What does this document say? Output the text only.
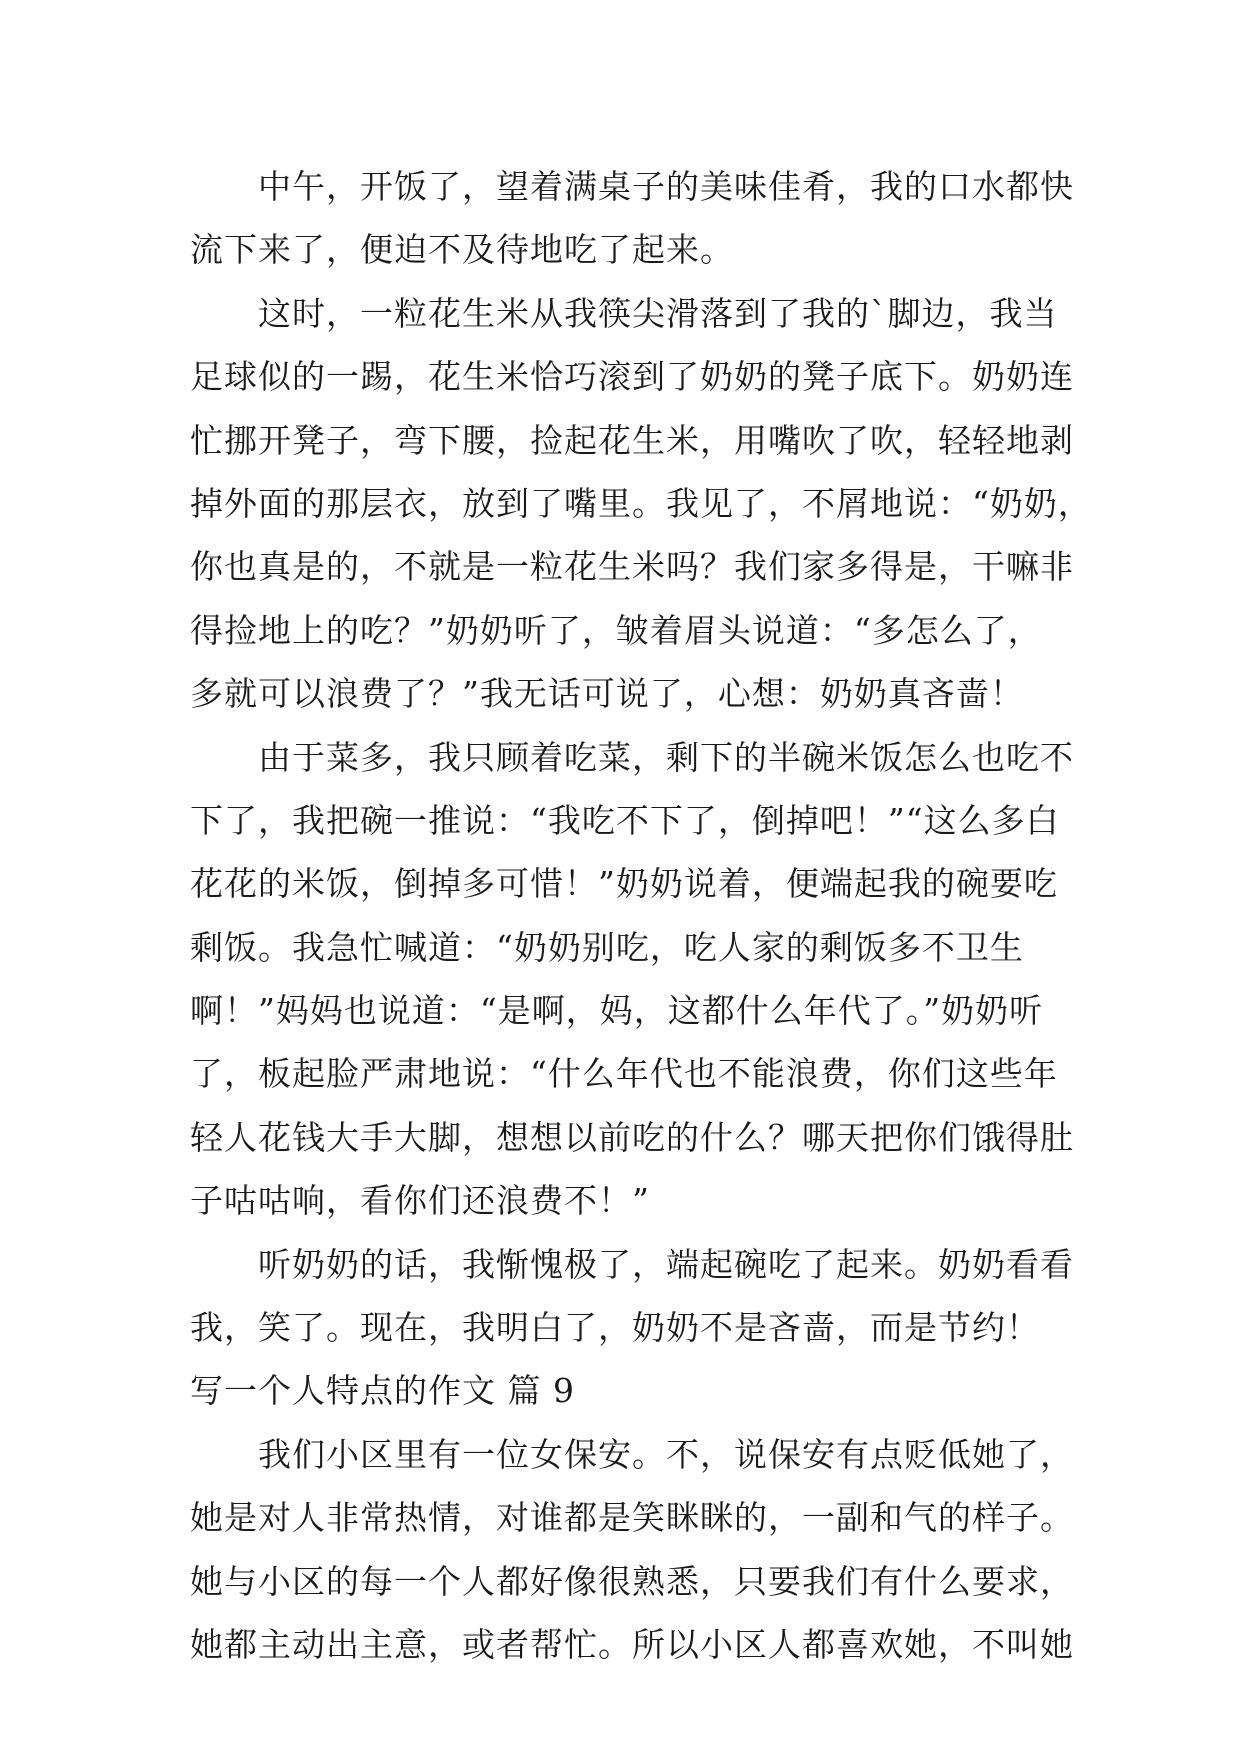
中午，开饭了，望着满桌子的美味佳肴，我的口水都快
流下来了，便迫不及待地吃了起来。
这时，一粒花生米从我筷尖滑落到了我的`脚边，我当
足球似的一踢，花生米恰巧滚到了奶奶的凳子底下。奶奶连
忙挪开凳子，弯下腰，捡起花生米，用嘴吹了吹，轻轻地剥
掉外面的那层衣，放到了嘴里。我见了，不屑地说：“奶奶，
你也真是的，不就是一粒花生米吗？我们家多得是，干嘛非
得捡地上的吃？”奶奶听了，皱着眉头说道：“多怎么了，
多就可以浪费了？”我无话可说了，心想：奶奶真吝啬！
由于菜多，我只顾着吃菜，剩下的半碗米饭怎么也吃不
下了，我把碗一推说：“我吃不下了，倒掉吧！”“这么多白
花花的米饭，倒掉多可惜！”奶奶说着，便端起我的碗要吃
剩饭。我急忙喊道：“奶奶别吃，吃人家的剩饭多不卫生
啊！”妈妈也说道：“是啊，妈，这都什么年代了。”奶奶听
了，板起脸严肃地说：“什么年代也不能浪费，你们这些年
轻人花钱大手大脚，想想以前吃的什么？哪天把你们饿得肚
子咕咕响，看你们还浪费不！”
听奶奶的话，我惭愧极了，端起碗吃了起来。奶奶看看
我，笑了。现在，我明白了，奶奶不是吝啬，而是节约！
写一个人特点的作文 篇 9
我们小区里有一位女保安。不，说保安有点贬低她了，
她是对人非常热情，对谁都是笑眯眯的，一副和气的样子。
她与小区的每一个人都好像很熟悉，只要我们有什么要求，
她都主动出主意，或者帮忙。所以小区人都喜欢她，不叫她
